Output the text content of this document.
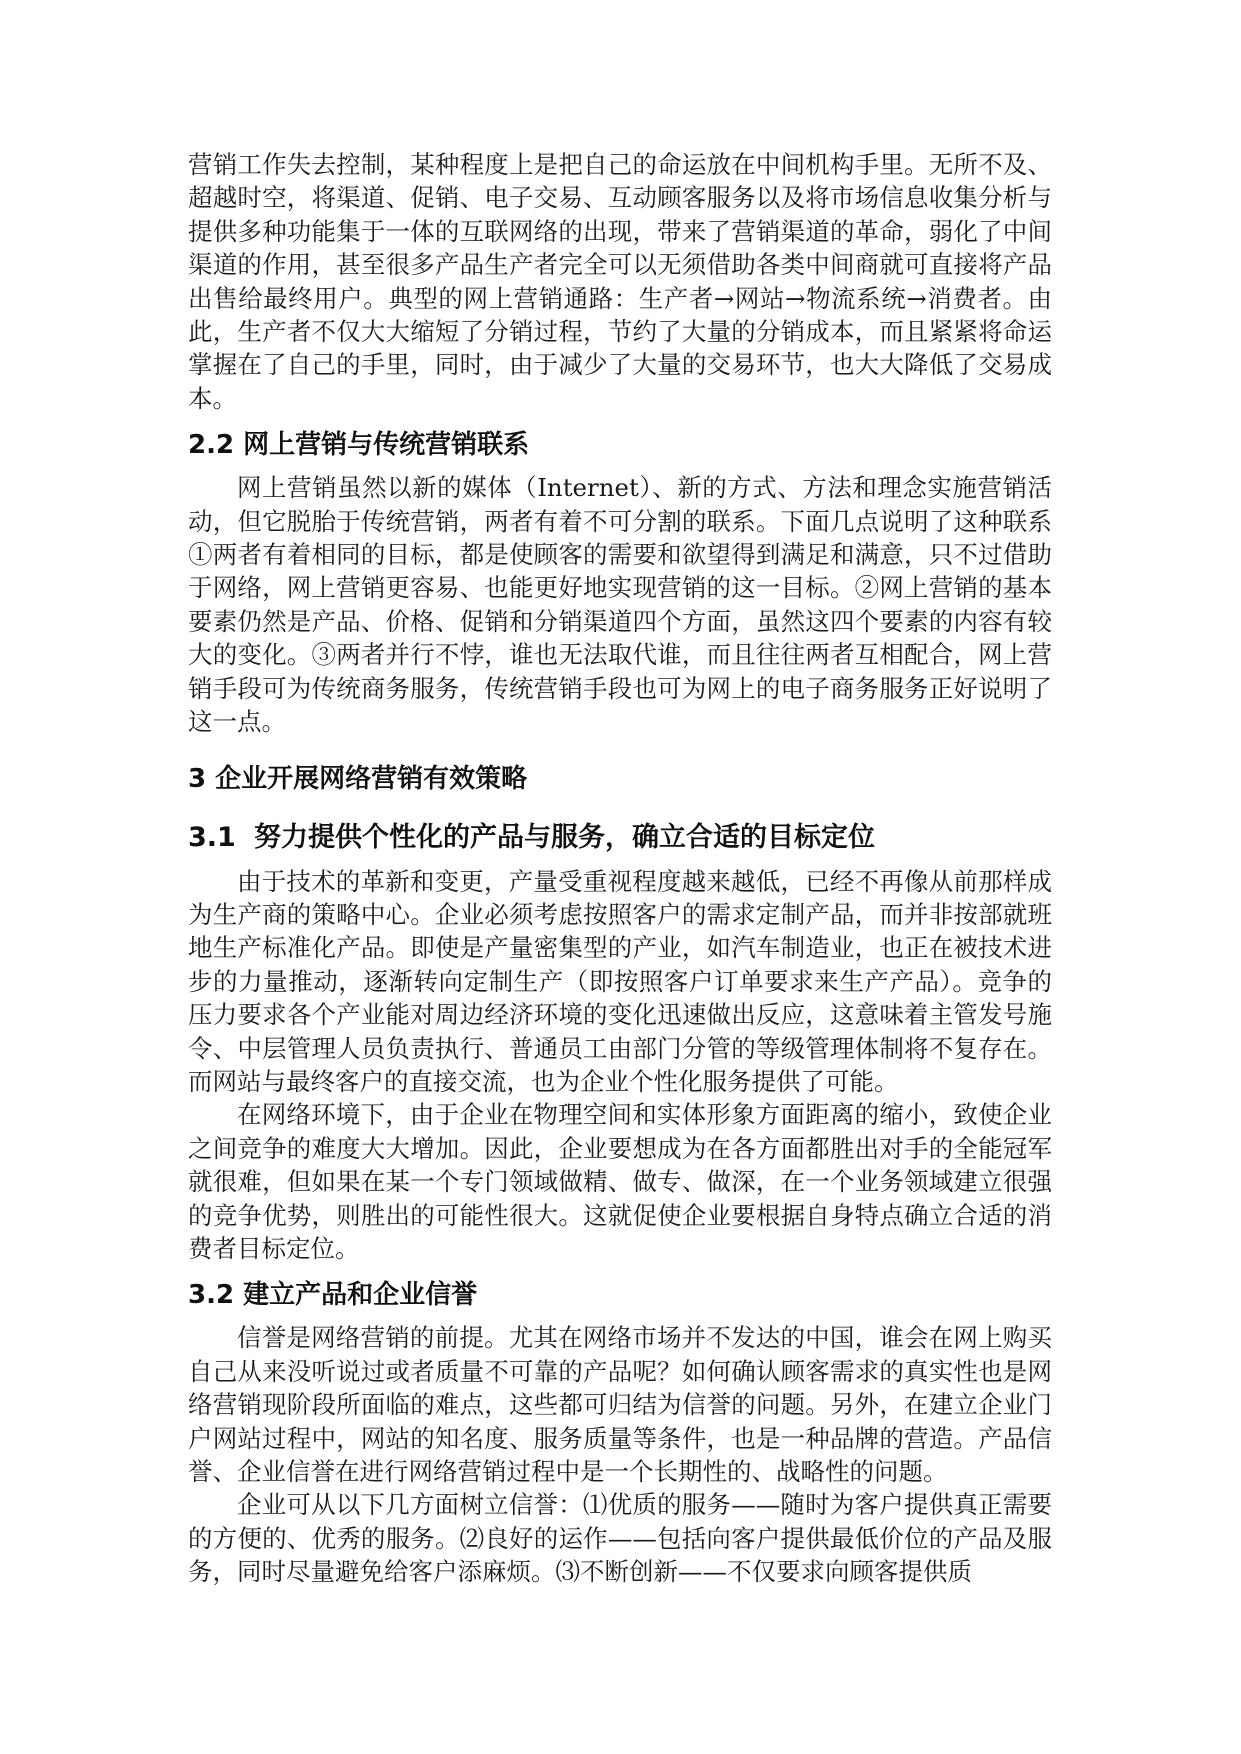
营销工作失去控制，某种程度上是把自己的命运放在中间机构手里。无所不及、超越时空，将渠道、促销、电子交易、互动顾客服务以及将市场信息收集分析与提供多种功能集于一体的互联网络的出现，带来了营销渠道的革命，弱化了中间渠道的作用，甚至很多产品生产者完全可以无须借助各类中间商就可直接将产品出售给最终用户。典型的网上营销通路：生产者→网站→物流系统→消费者。由此，生产者不仅大大缩短了分销过程，节约了大量的分销成本，而且紧紧将命运掌握在了自己的手里，同时，由于减少了大量的交易环节，也大大降低了交易成本。

2.2 网上营销与传统营销联系

网上营销虽然以新的媒体（Internet）、新的方式、方法和理念实施营销活动，但它脱胎于传统营销，两者有着不可分割的联系。下面几点说明了这种联系①两者有着相同的目标，都是使顾客的需要和欲望得到满足和满意，只不过借助于网络，网上营销更容易、也能更好地实现营销的这一目标。②网上营销的基本要素仍然是产品、价格、促销和分销渠道四个方面，虽然这四个要素的内容有较大的变化。③两者并行不悖，谁也无法取代谁，而且往往两者互相配合，网上营销手段可为传统商务服务，传统营销手段也可为网上的电子商务服务正好说明了这一点。

3 企业开展网络营销有效策略
3.1 努力提供个性化的产品与服务，确立合适的目标定位

由于技术的革新和变更，产量受重视程度越来越低，已经不再像从前那样成为生产商的策略中心。企业必须考虑按照客户的需求定制产品，而并非按部就班地生产标准化产品。即使是产量密集型的产业，如汽车制造业，也正在被技术进步的力量推动，逐渐转向定制生产（即按照客户订单要求来生产产品）。竞争的压力要求各个产业能对周边经济环境的变化迅速做出反应，这意味着主管发号施令、中层管理人员负责执行、普通员工由部门分管的等级管理体制将不复存在。而网站与最终客户的直接交流，也为企业个性化服务提供了可能。

在网络环境下，由于企业在物理空间和实体形象方面距离的缩小，致使企业之间竞争的难度大大增加。因此，企业要想成为在各方面都胜出对手的全能冠军就很难，但如果在某一个专门领域做精、做专、做深，在一个业务领域建立很强的竞争优势，则胜出的可能性很大。这就促使企业要根据自身特点确立合适的消费者目标定位。

3.2 建立产品和企业信誉

信誉是网络营销的前提。尤其在网络市场并不发达的中国，谁会在网上购买自己从来没听说过或者质量不可靠的产品呢？如何确认顾客需求的真实性也是网络营销现阶段所面临的难点，这些都可归结为信誉的问题。另外，在建立企业门户网站过程中，网站的知名度、服务质量等条件，也是一种品牌的营造。产品信誉、企业信誉在进行网络营销过程中是一个长期性的、战略性的问题。

企业可从以下几方面树立信誉：⑴优质的服务——随时为客户提供真正需要的方便的、优秀的服务。⑵良好的运作——包括向客户提供最低价位的产品及服务，同时尽量避免给客户添麻烦。⑶不断创新——不仅要求向顾客提供质
